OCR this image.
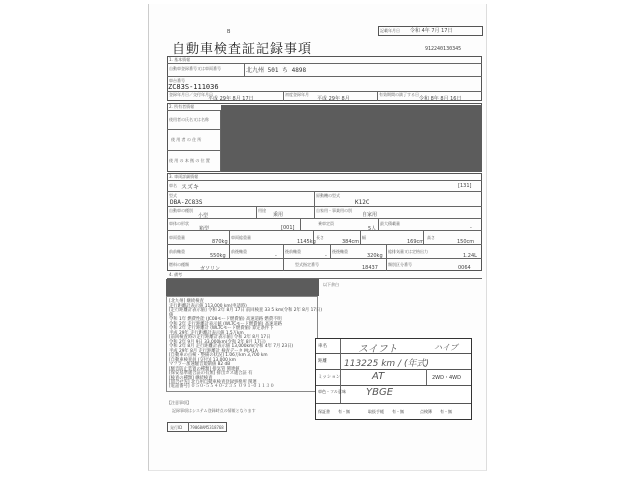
記載年月日 令和 4年 7月 17日
B
自動車検査証記録事項	912240130345
1. 基本情報
自動車登録番号又は車両番号	北九州 501 ち 4898
車台番号
ZC83S-111036
登録年月日／交付年月日
平成 29年 8月 17日
初度登録年月
平成 29年 8月
有効期間の満了する日
令和 8年 8月 16日
2. 所有者情報
使用者の氏名又は名称
使 用 者 の 住 所
使 用 の 本 拠 の 位 置
3. 車両詳細情報
車名 スズキ	[131]
型式
DBA-ZC83S
原動機の型式
K12C
自動車の種別
小型
用途
乗用
自家用・事業用の別
自家用
車体の形状
箱型	[001]
乗車定員
5人
最大積載量
-
車両重量
870kg
車両総重量
1145kg
長さ
384cm
幅
169cm
高さ
150cm
前前軸重
550kg
前後軸重
-
後前軸重
-
後後軸重
320kg
総排気量又は定格出力
1.24L
燃料の種類
ガソリン
型式指定番号
18437
類別区分番号
0064
4. 備考
以下余白
[北九州] 継続検査
走行距離計表示値 113,000 km(申請時)
[走行距離計表示値] 令和 2年 8月 17日 前回検査 33 5 km(令和 2年 8月 17日)
値
令和 1年 燃費性能 (JC08モード燃費値) 高速道路 燃費不明
令和 2年 走行距離計表示値 (WLTCモード燃費値) 高速道路
令和 2年 走行距離計 (WLTCモード燃費値) 算定条件下
平成 29年 走行距離計表示値 1.5万km
[前回検査時の走行距離計表示値] 令和 2年 8月 17日
令和 2年 9月 9日 33,000km(令和 2年 8月 17日)
令和 2年 8月 走行距離計表示値 13,000km(令和 4年 7月 23日)
平成 29年 8月 走行距離計 検査データ M:A1A
[自動車の点検・整備の状況] 1.06万km 3,700 km
[自動車検査員 (交付)] 13,000 km
マフラー加速騒音規制値 82 dB
[騒音防止装置の種類] 排気管 関連値
[保安基準適合証の有無] 排出ガス適合証 有
[検査の種類] 継続検査
[問合せ先] 北九州自動車検査登録事務所 関連
[電話番号] ０５０-５５４０-２３５ ０９１-０１１３０
【注意事項】
記録事項はシステム登録時点の情報となります
発行ID 79068AM5318768
車名	スイフト	ハイブ
距離 113225 km / (年式)
ミッション	AT	2WD・4WD
車色・フル意味 YBGE
保証書 有・無	取扱手帳 有・無	点検簿 有・無
